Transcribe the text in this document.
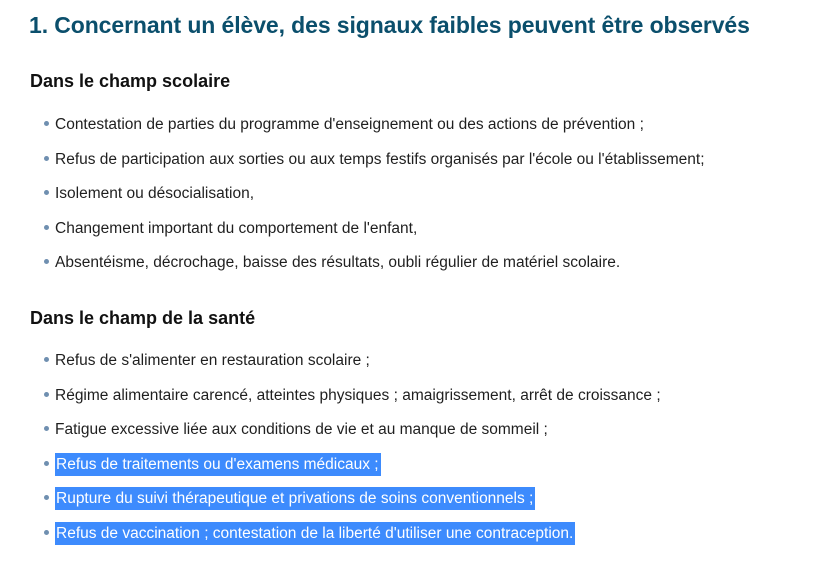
1. Concernant un élève, des signaux faibles peuvent être observés
Dans le champ scolaire
Contestation de parties du programme d'enseignement ou des actions de prévention ;
Refus de participation aux sorties ou aux temps festifs organisés par l'école ou l'établissement;
Isolement ou désocialisation,
Changement important du comportement de l'enfant,
Absentéisme, décrochage, baisse des résultats, oubli régulier de matériel scolaire.
Dans le champ de la santé
Refus de s'alimenter en restauration scolaire ;
Régime alimentaire carencé, atteintes physiques ; amaigrissement, arrêt de croissance ;
Fatigue excessive liée aux conditions de vie et au manque de sommeil ;
Refus de traitements ou d'examens médicaux ;
Rupture du suivi thérapeutique et privations de soins conventionnels ;
Refus de vaccination ; contestation de la liberté d'utiliser une contraception.
